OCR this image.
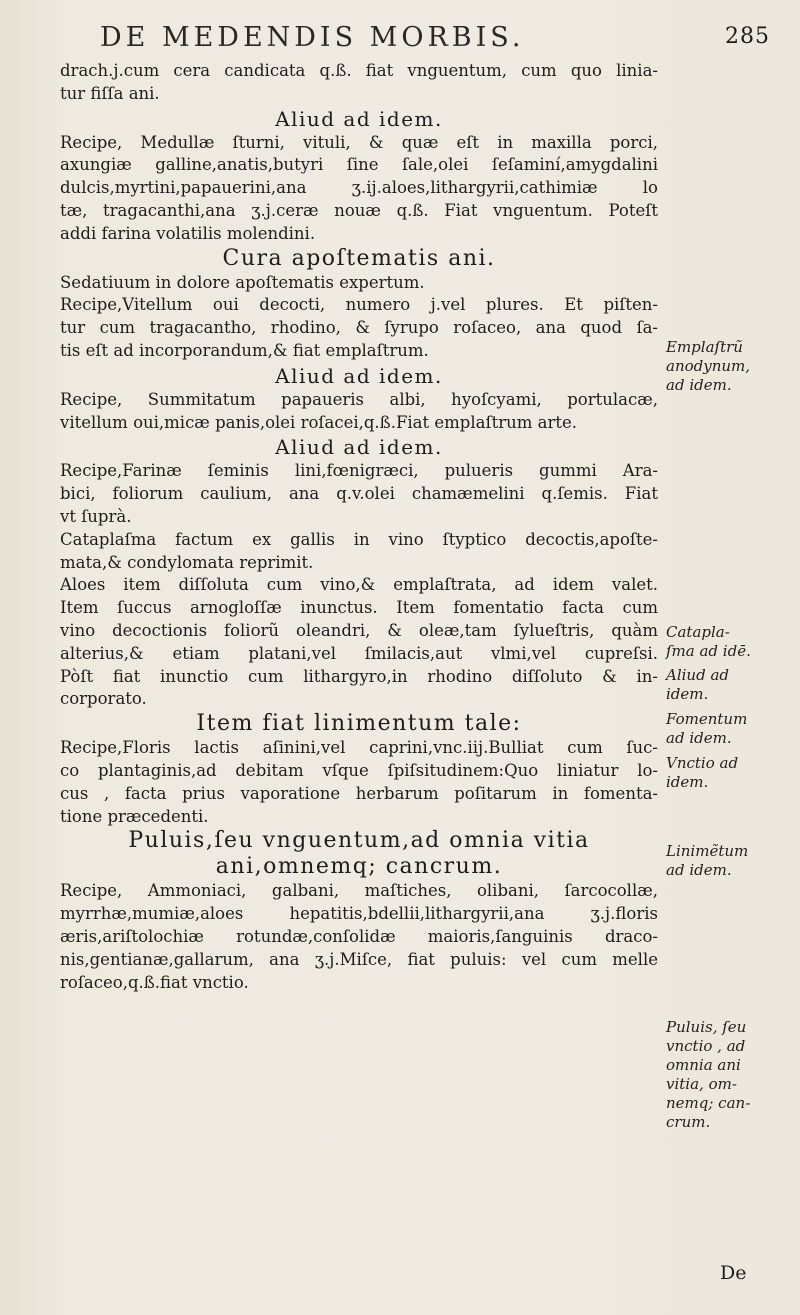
DE MEDENDIS MORBIS.	285
drach.j.cum cera candicata q.ß. fiat vnguentum, cum quo linia-
tur fiſſa ani.
Aliud ad idem.
Recipe, Medullæ ſturni, vituli, & quæ eſt in maxilla porci,
axungiæ galline,anatis,butyri ſine ſale,olei ſeſaminí,amygdalini
dulcis,myrtini,papauerini,ana ʒ.ij.aloes,lithargyrii,cathimiæ lo
tæ, tragacanthi,ana ʒ.j.ceræ nouæ q.ß. Fiat vnguentum. Poteſt
addi farina volatilis molendini.
Cura apoſtematis ani.
Sedatiuum in dolore apoſtematis expertum.
Recipe,Vitellum oui decocti, numero j.vel plures. Et piſten-
tur cum tragacantho, rhodino, & ſyrupo roſaceo, ana quod ſa-
tis eſt ad incorporandum,& fiat emplaſtrum.
Aliud ad idem.
Recipe, Summitatum papaueris albi, hyoſcyami, portulacæ,
vitellum oui,micæ panis,olei roſacei,q.ß.Fiat emplaſtrum arte.
Aliud ad idem.
Recipe,Farinæ ſeminis lini,fœnigræci, pulueris gummi Ara-
bici, foliorum caulium, ana q.v.olei chamæmelini q.ſemis. Fiat
vt ſuprà.
Cataplaſma factum ex gallis in vino ſtyptico decoctis,apoſte-
mata,& condylomata reprimit.
Aloes item diſſoluta cum vino,& emplaſtrata, ad idem valet.
Item ſuccus arnogloſſæ inunctus. Item fomentatio facta cum
vino decoctionis foliorũ oleandri, & oleæ,tam ſylueſtris, quàm
alterius,& etiam platani,vel ſmilacis,aut vlmi,vel cupreſsi.
Pòſt fiat inunctio cum lithargyro,in rhodino diſſoluto & in-
corporato.
Item fiat linimentum tale:
Recipe,Floris lactis aſinini,vel caprini,vnc.iij.Bulliat cum ſuc-
co plantaginis,ad debitam vſque ſpiſsitudinem:Quo liniatur lo-
cus , facta prius vaporatione herbarum poſitarum in fomenta-
tione præcedenti.
Puluis,ſeu vnguentum,ad omnia vitia
ani,omnemq; cancrum.
Recipe, Ammoniaci, galbani, maſtiches, olibani, ſarcocollæ,
myrrhæ,mumiæ,aloes hepatitis,bdellii,lithargyrii,ana ʒ.j.floris
æris,ariſtolochiæ rotundæ,conſolidæ maioris,ſanguinis draco-
nis,gentianæ,gallarum, ana ʒ.j.Miſce, fiat puluis: vel cum melle
roſaceo,q.ß.fiat vnctio.
Emplaſtrũ
anodynum,
ad idem.
Catapla-
ſma ad idē.
Aliud ad
idem.
Fomentum
ad idem.
Vnctio ad
idem.
Linimẽtum
ad idem.
Puluis, ſeu
vnctio , ad
omnia ani
vitia, om-
nemq; can-
crum.
De
